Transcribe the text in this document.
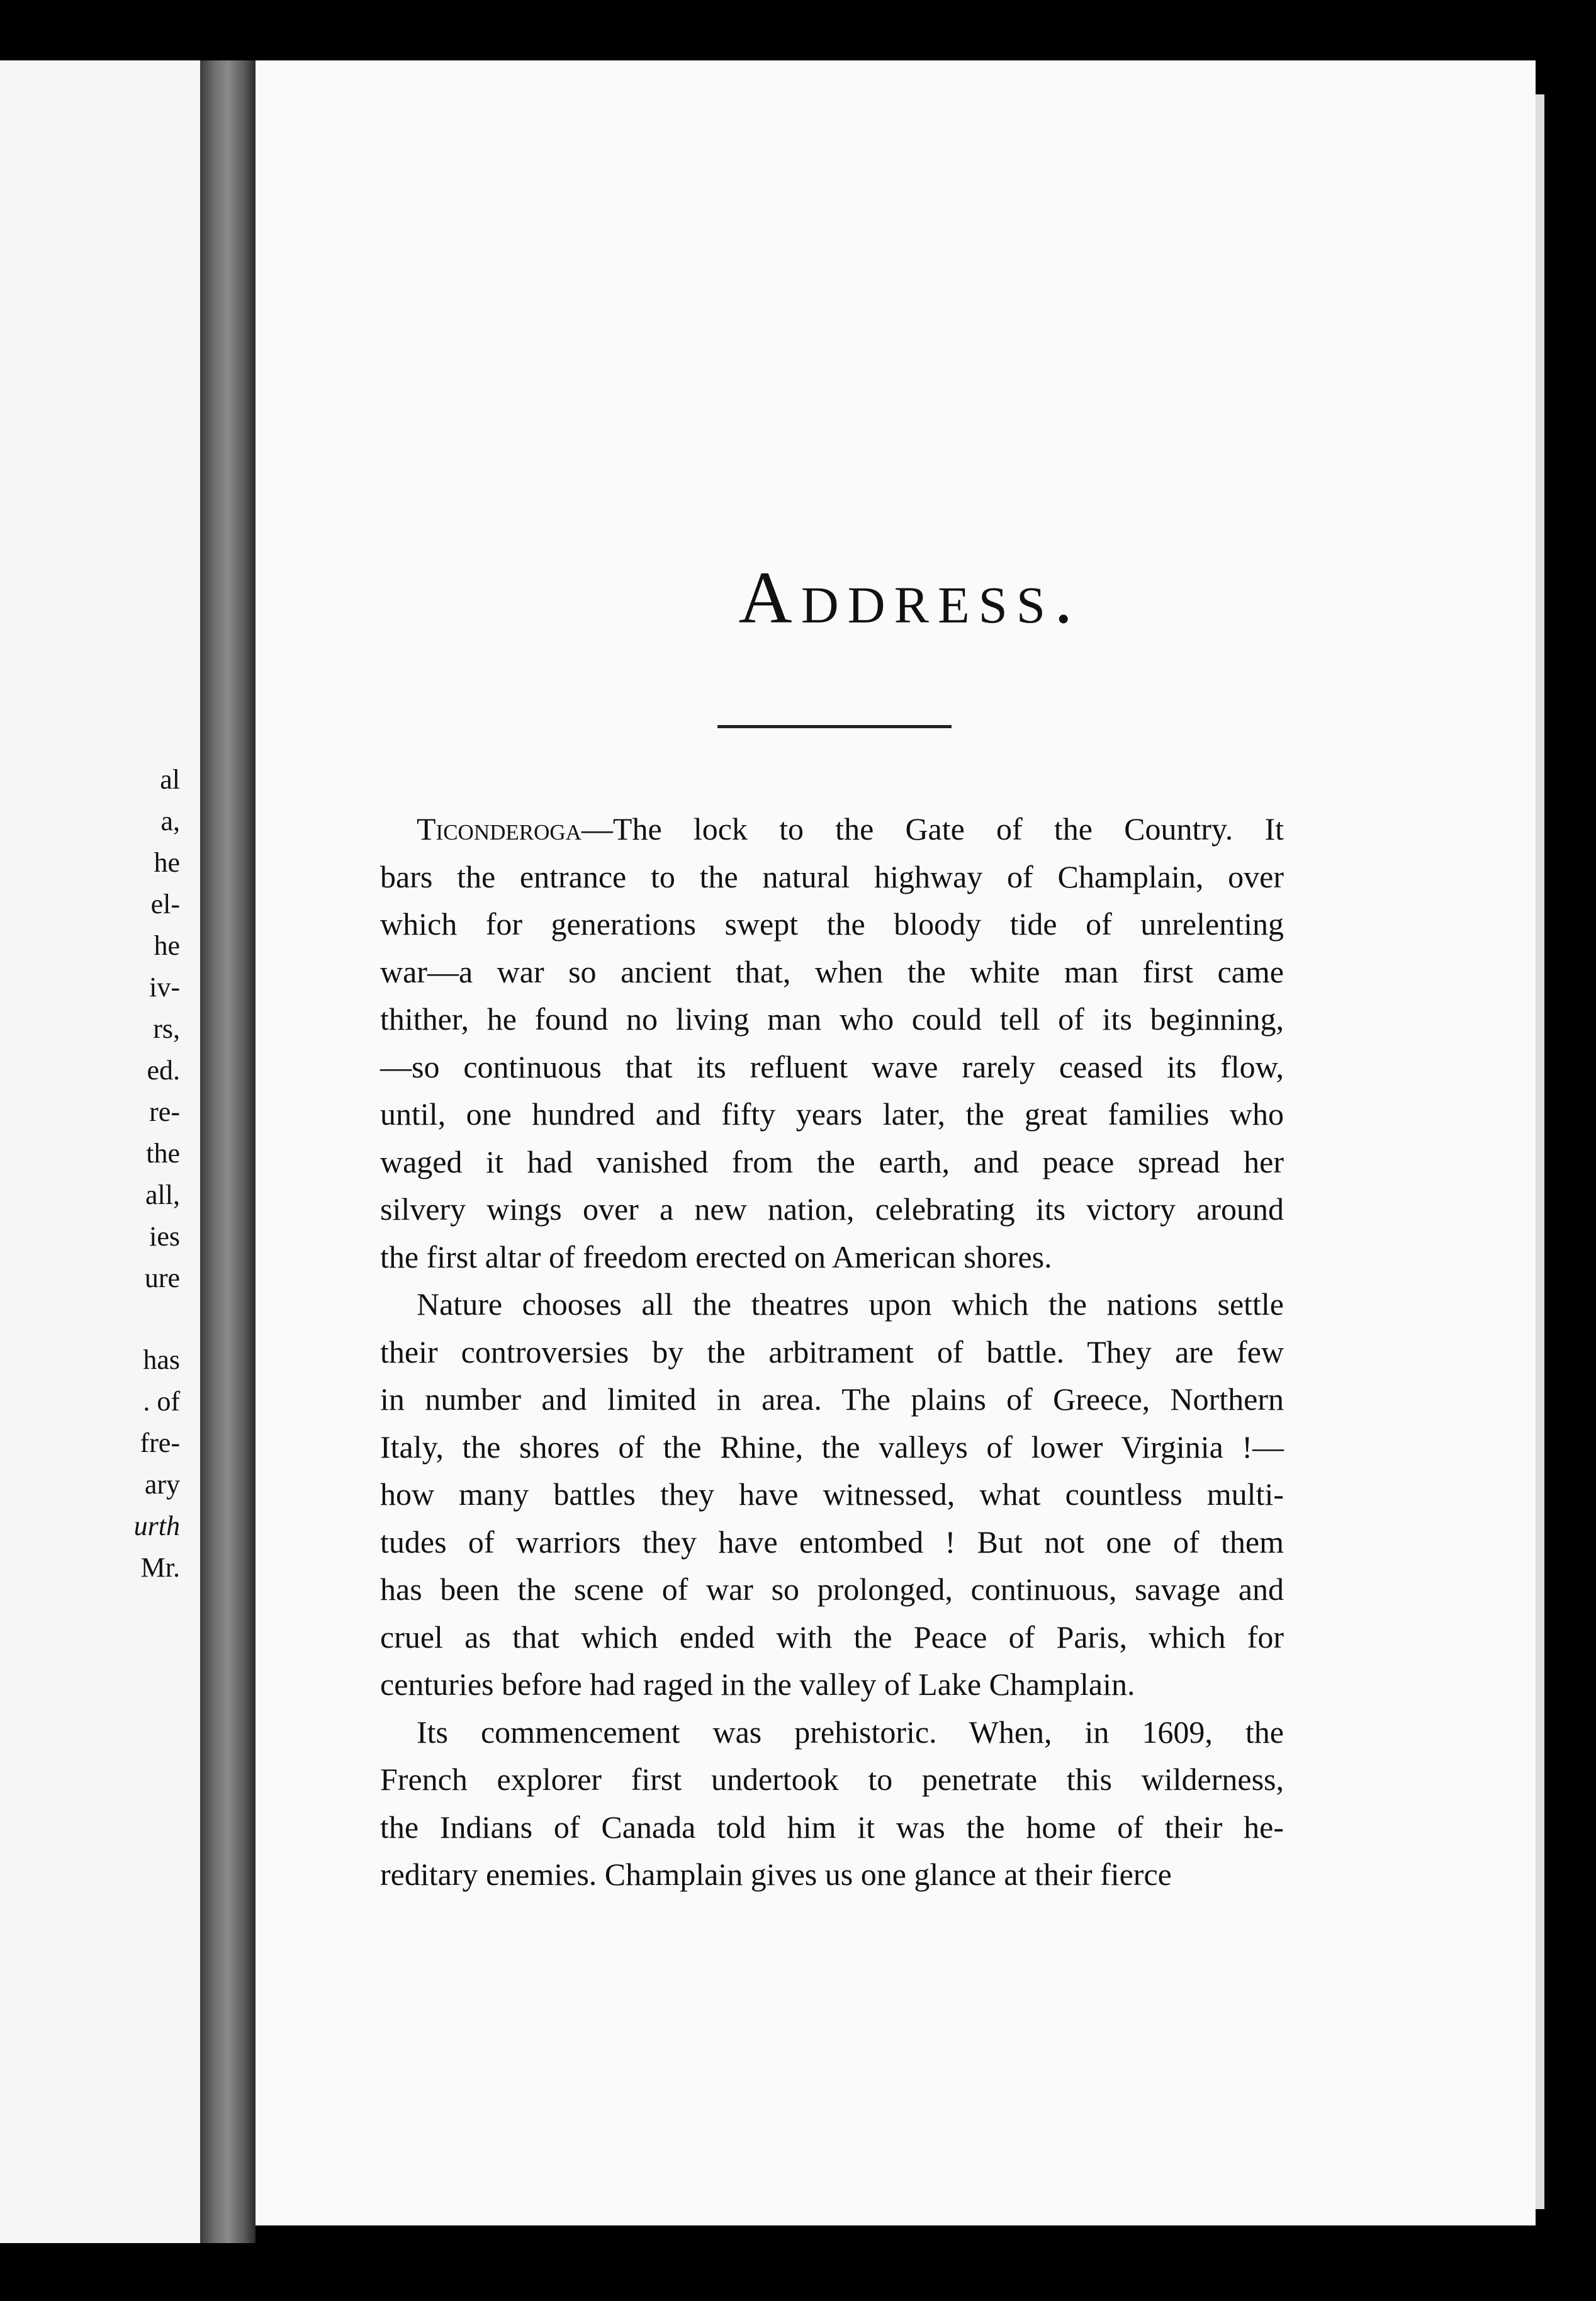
al
a,
he
el-
he
iv-
rs,
ed.
re-
the
all,
ies
ure
has
. of
fre-
ary
urth
Mr.
Address.
Ticonderoga—The lock to the Gate of the Country. It
bars the entrance to the natural highway of Champlain, over
which for generations swept the bloody tide of unrelenting
war—a war so ancient that, when the white man first came
thither, he found no living man who could tell of its beginning,
—so continuous that its refluent wave rarely ceased its flow,
until, one hundred and fifty years later, the great families who
waged it had vanished from the earth, and peace spread her
silvery wings over a new nation, celebrating its victory around
the first altar of freedom erected on American shores.
Nature chooses all the theatres upon which the nations settle
their controversies by the arbitrament of battle. They are few
in number and limited in area. The plains of Greece, Northern
Italy, the shores of the Rhine, the valleys of lower Virginia !—
how many battles they have witnessed, what countless multi-
tudes of warriors they have entombed ! But not one of them
has been the scene of war so prolonged, continuous, savage and
cruel as that which ended with the Peace of Paris, which for
centuries before had raged in the valley of Lake Champlain.
Its commencement was prehistoric. When, in 1609, the
French explorer first undertook to penetrate this wilderness,
the Indians of Canada told him it was the home of their he-
reditary enemies. Champlain gives us one glance at their fierce
